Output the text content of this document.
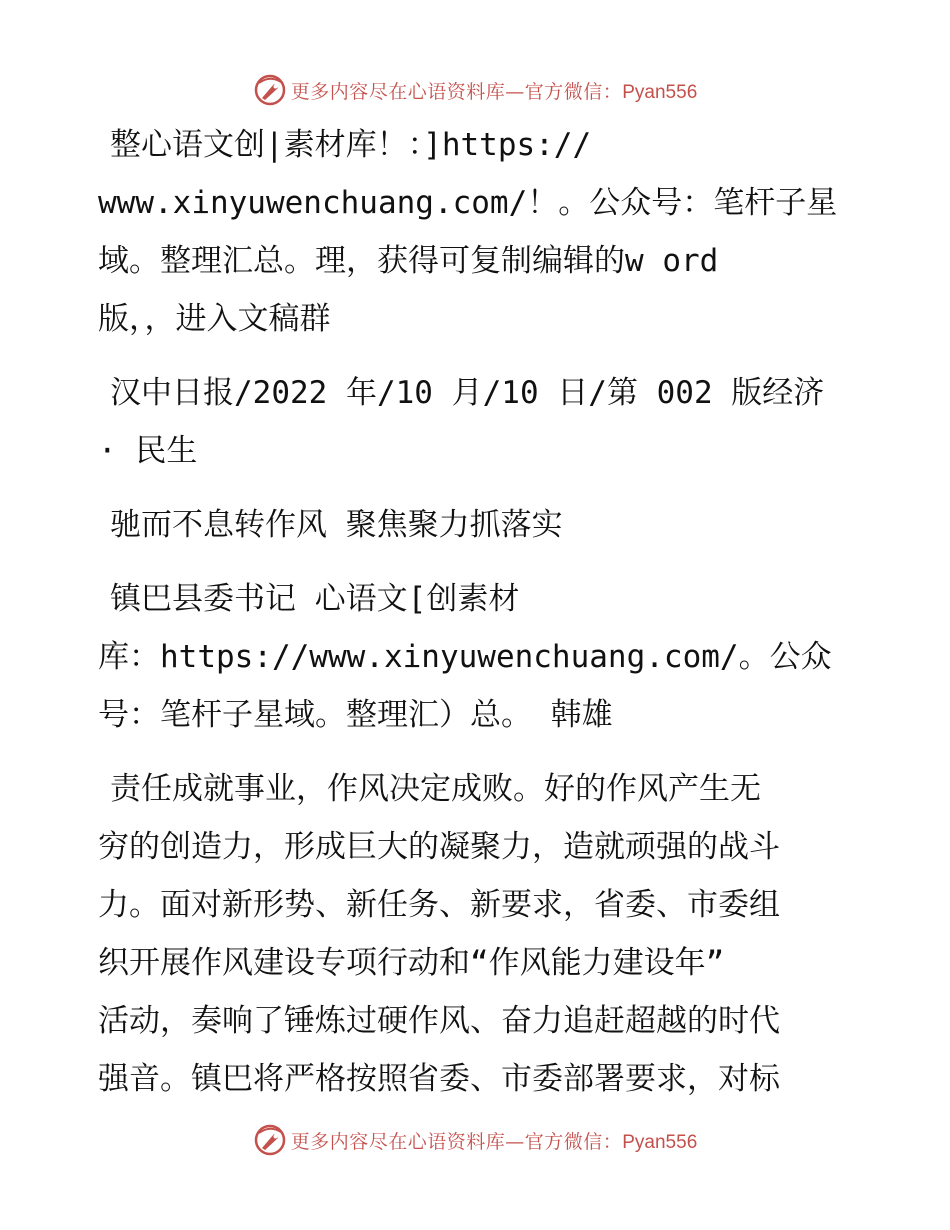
更多内容尽在心语资料库—官方微信：Pyan556
整心语文创|素材库！：]https://
www.xinyuwenchuang.com/！。公众号：笔杆子星
域。整理汇总。理，获得可复制编辑的w ord
版，，进入文稿群
汉中日报/2022 年/10 月/10 日/第 002 版经济
· 民生
驰而不息转作风 聚焦聚力抓落实
镇巴县委书记 心语文[创素材
库：https://www.xinyuwenchuang.com/。公众
号：笔杆子星域。整理汇）总。 韩雄
责任成就事业，作风决定成败。好的作风产生无
穷的创造力，形成巨大的凝聚力，造就顽强的战斗
力。面对新形势、新任务、新要求，省委、市委组
织开展作风建设专项行动和“作风能力建设年”
活动，奏响了锤炼过硬作风、奋力追赶超越的时代
强音。镇巴将严格按照省委、市委部署要求，对标
更多内容尽在心语资料库—官方微信：Pyan556
